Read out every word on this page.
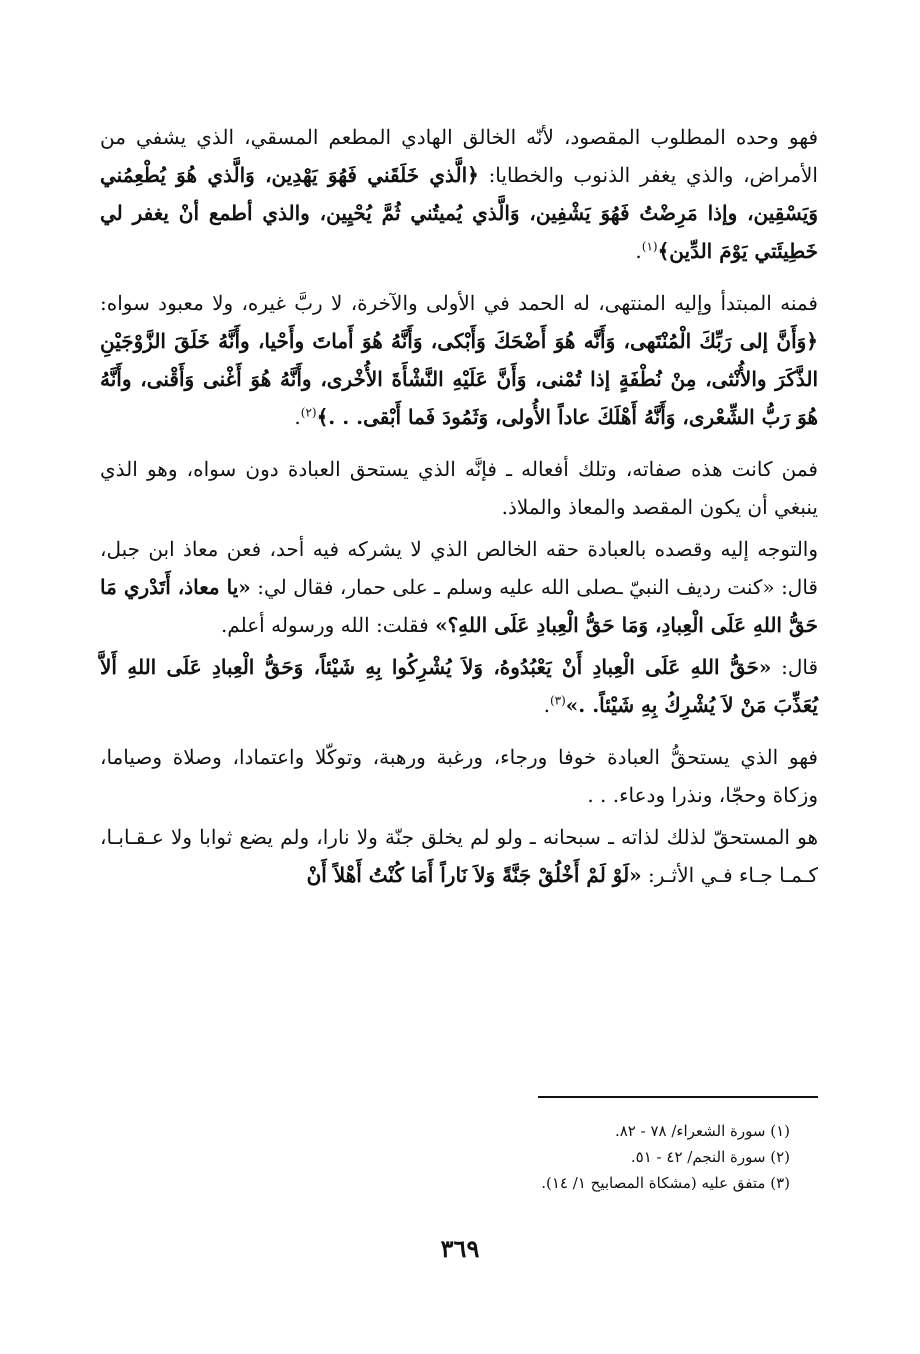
فهو وحده المطلوب المقصود، لأنّه الخالق الهادي المطعم المسقي، الذي يشفي من الأمراض، والذي يغفر الذنوب والخطايا: ﴿الَّذي خَلَقَني فَهُوَ يَهْدِين، وَالَّذي هُوَ يُطْعِمُني وَيَسْقِين، وإذا مَرِضْتُ فَهُوَ يَشْفِين، وَالَّذي يُميتُني ثُمَّ يُحْيِين، والذي أطمع أنْ يغفر لي خَطِيئَتي يَوْمَ الدِّين﴾$^{(١)}$.

فمنه المبتدأ وإليه المنتهى، له الحمد في الأولى والآخرة، لا ربَّ غيره، ولا معبود سواه: ﴿وَأَنَّ إلى رَبِّكَ الْمُنْتَهى، وَأَنَّه هُوَ أَضْحَكَ وَأَبْكى، وَأَنَّهُ هُوَ أَماتَ وأَحْيا، وأَنَّهُ خَلَقَ الزَّوْجَيْنِ الذَّكَرَ والأُنْثى، مِنْ نُطْفَةٍ إذا تُمْنى، وَأَنَّ عَلَيْهِ النَّشْأَةَ الأُخْرى، وأَنَّهُ هُوَ أَغْنى وَأَقْنى، وأَنَّهُ هُوَ رَبُّ الشِّعْرى، وَأَنَّهُ أَهْلَكَ عاداً الأُولى، وَثَمُودَ فَما أَبْقى. . .﴾$^{(٢)}$.

فمن كانت هذه صفاته، وتلك أفعاله ـ فإنَّه الذي يستحق العبادة دون سواه، وهو الذي ينبغي أن يكون المقصد والمعاذ والملاذ.

والتوجه إليه وقصده بالعبادة حقه الخالص الذي لا يشركه فيه أحد، فعن معاذ ابن جبل، قال: «كنت رديف النبيّ ـصلى الله عليه وسلم ـ على حمار، فقال لي: «يا معاذ، أَتَدْري مَا حَقُّ اللهِ عَلَى الْعِبادِ، وَمَا حَقُّ الْعِبادِ عَلَى اللهِ؟» فقلت: الله ورسوله أعلم.

قال: «حَقُّ اللهِ عَلَى الْعِبادِ أَنْ يَعْبُدُوهُ، وَلاَ يُشْرِكُوا بِهِ شَيْئاً، وَحَقُّ الْعِبادِ عَلَى اللهِ أَلاَّ يُعَذِّبَ مَنْ لاَ يُشْرِكُ بِهِ شَيْئاً. .»$^{(٣)}$.

فهو الذي يستحقُّ العبادة خوفا ورجاء، ورغبة ورهبة، وتوكّلا واعتمادا، وصلاة وصياما، وزكاة وحجّا، ونذرا ودعاء. . .

هو المستحقّ لذلك لذاته ـ سبحانه ـ ولو لم يخلق جنّة ولا نارا، ولم يضع ثوابا ولا عـقـابـا، كـمـا جـاء فـي الأثـر: «لَوْ لَمْ أَخْلُقْ جَنَّةً وَلاَ نَاراً أَمَا كُنْتُ أَهْلاً أَنْ

(١) سورة الشعراء/ ٧٨ - ٨٢.

(٢) سورة النجم/ ٤٢ - ٥١.

(٣) متفق عليه (مشكاة المصابيح ١/ ١٤).

٣٦٩
